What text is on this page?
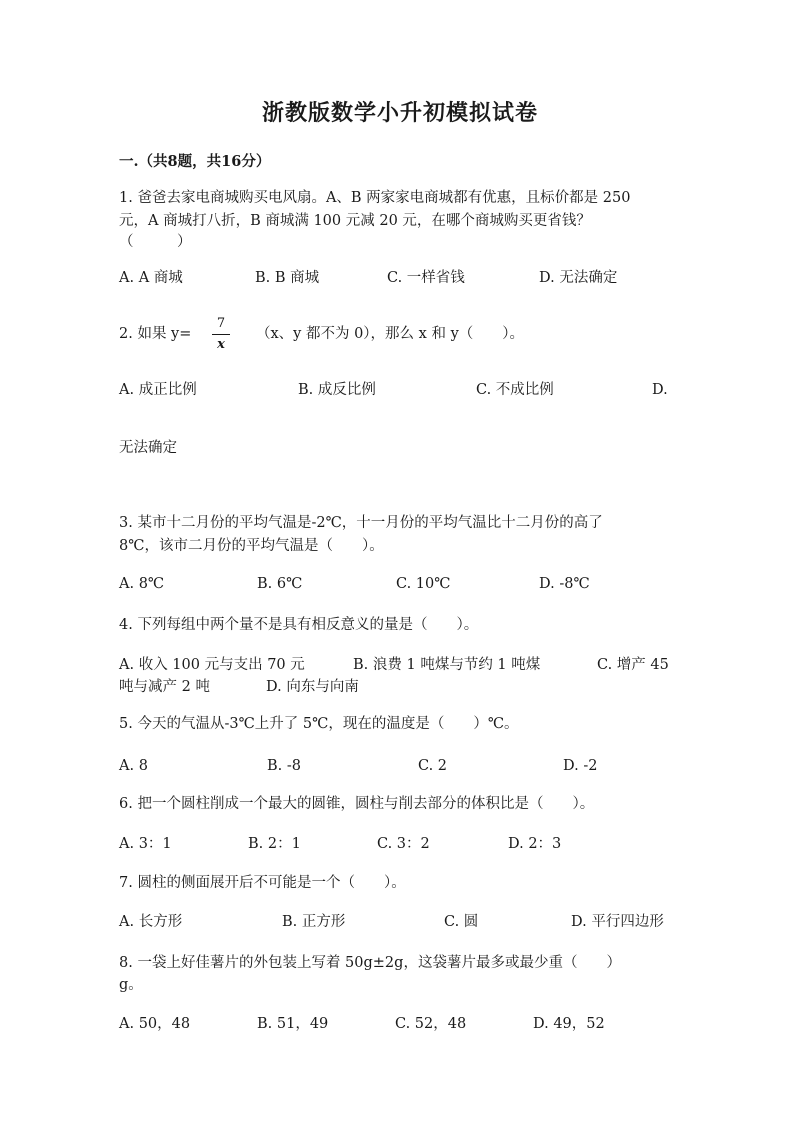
浙教版数学小升初模拟试卷
一.（共8题，共16分）
1. 爸爸去家电商城购买电风扇。A、B 两家家电商城都有优惠，且标价都是 250
元，A 商城打八折，B 商城满 100 元减 20 元，在哪个商城购买更省钱？
（　　　）
A. A 商城	B. B 商城	C. 一样省钱	D. 无法确定
2. 如果 y=
7
x
（x、y 都不为 0），那么 x 和 y（　　）。
A. 成正比例	B. 成反比例	C. 不成比例	D.
无法确定
3. 某市十二月份的平均气温是-2℃，十一月份的平均气温比十二月份的高了
8℃，该市二月份的平均气温是（　　）。
A. 8℃	B. 6℃	C. 10℃	D. -8℃
4. 下列每组中两个量不是具有相反意义的量是（　　）。
A. 收入 100 元与支出 70 元	B. 浪费 1 吨煤与节约 1 吨煤	C. 增产 45
吨与减产 2 吨	D. 向东与向南
5. 今天的气温从-3℃上升了 5℃，现在的温度是（　　）℃。
A. 8	B. -8	C. 2	D. -2
6. 把一个圆柱削成一个最大的圆锥，圆柱与削去部分的体积比是（　　）。
A. 3：1	B. 2：1	C. 3：2	D. 2：3
7. 圆柱的侧面展开后不可能是一个（　　）。
A. 长方形	B. 正方形	C. 圆	D. 平行四边形
8. 一袋上好佳薯片的外包装上写着 50g±2g，这袋薯片最多或最少重（　　）
g。
A. 50，48	B. 51，49	C. 52，48	D. 49，52
